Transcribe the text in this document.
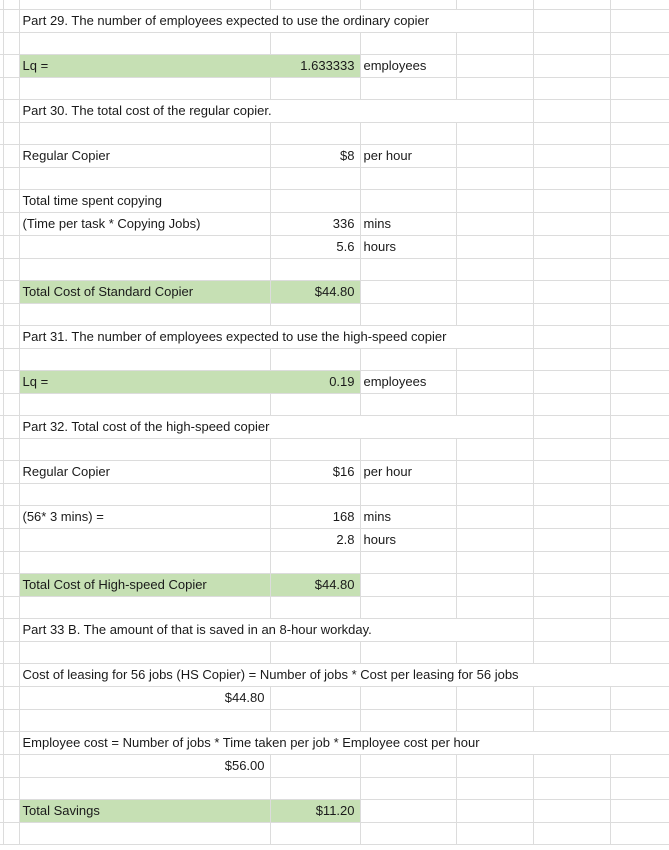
		Part 29. The number of employees expected to use the ordinary copier					

		Lq =	1.633333	employees			

		Part 30. The total cost of the regular copier.					

		Regular Copier	$8	per hour			

		Total time spent copying					
		(Time per task * Copying Jobs)	336	mins			
			5.6	hours			

		Total Cost of Standard Copier	$44.80				

		Part 31. The number of employees expected to use the high-speed copier					

		Lq =	0.19	employees			

		Part 32. Total cost of the high-speed copier					

		Regular Copier	$16	per hour			

		(56* 3 mins) =	168	mins			
			2.8	hours			

		Total Cost of High-speed Copier	$44.80				

		Part 33 B. The amount of that is saved in an 8-hour workday.					

		Cost of leasing for 56 jobs (HS Copier) = Number of jobs * Cost per leasing for 56 jobs					
		$44.80					

		Employee cost = Number of jobs * Time taken per job * Employee cost per hour					
		$56.00					

		Total Savings	$11.20				
